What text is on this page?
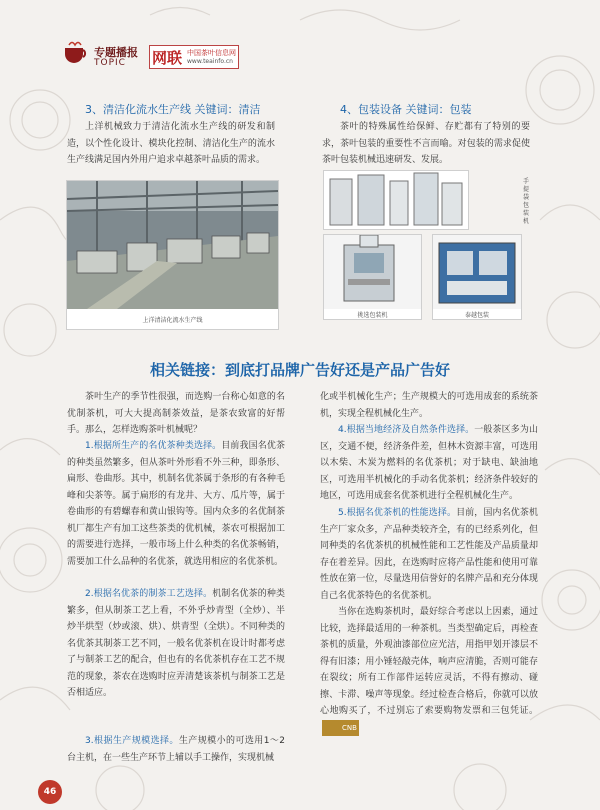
专题播报
TOPIC 网联 中国茶叶信息网
www.teainfo.cn
3、清洁化流水生产线 关键词：清洁

上洋机械致力于清洁化流水生产线的研发和制造，以个性化设计、模块化控制、清洁化生产的流水生产线满足国内外用户追求卓越茶叶品质的需求。

上洋清洁化流水生产线
4、包装设备 关键词：包装

茶叶的特殊属性给保鲜、存贮都有了特别的要求，茶叶包装的重要性不言而喻。对包装的需求促使茶叶包装机械迅速研发、发展。

手提袋包装机
挑选包装机	泰越包装
相关链接：到底打品牌广告好还是产品广告好

茶叶生产的季节性很强，而选购一台称心如意的名优制茶机，可大大提高制茶效益，是茶农致富的好帮手。那么，怎样选购茶叶机械呢？

1.根据所生产的名优茶种类选择。目前我国名优茶的种类虽然繁多，但从茶叶外形看不外三种，即条形、扁形、卷曲形。其中，机制名优茶属于条形的有各种毛峰和尖茶等。属于扁形的有龙井、大方、瓜片等，属于卷曲形的有碧螺春和黄山银钩等。国内众多的名优制茶机厂都生产有加工这些茶类的优机械，茶农可根据加工的需要进行选择，一般市场上什么种类的名优茶畅销，需要加工什么品种的名优茶，就选用相应的名优茶机。

2.根据名优茶的制茶工艺选择。机制名优茶的种类繁多，但从制茶工艺上看，不外乎炒青型（全炒）、半炒半烘型（炒或滚、烘）、烘青型（全烘）。不同种类的名优茶其制茶工艺不同，一般名优茶机在设计时都考虑了与制茶工艺的配合，但也有的名优茶机存在工艺不规范的现象，茶农在选购时应弄清楚该茶机与制茶工艺是否相适应。

3.根据生产规模选择。生产规模小的可选用1～2台主机，在一些生产环节上辅以手工操作，实现机械

化或半机械化生产；生产规模大的可选用成套的系统茶机，实现全程机械化生产。

4.根据当地经济及自然条件选择。一般茶区多为山区，交通不便，经济条件差，但林木资源丰富，可选用以木柴、木炭为燃料的名优茶机；对于缺电、缺油地区，可选用半机械化的手动名优茶机；经济条件较好的地区，可选用成套名优茶机进行全程机械化生产。

5.根据名优茶机的性能选择。目前，国内名优茶机生产厂家众多，产品种类较齐全，有的已经系列化，但同种类的名优茶机的机械性能和工艺性能及产品质量却存在着差异。因此，在选购时应将产品性能和使用可靠性放在第一位，尽量选用信誉好的名牌产品和充分体现自己名优茶特色的名优茶机。

当你在选购茶机时，最好综合考虑以上因素，通过比较，选择最适用的一种茶机。当类型确定后，再检查茶机的质量，外观油漆部位应光洁，用指甲划开漆层不得有旧漆；用小锤轻敲壳体，响声应清脆，否则可能存在裂纹；所有工作部件运转应灵活，不得有擦动、碰擦、卡滞、噪声等现象。经过检查合格后，你就可以放心地购买了，不过别忘了索要购物发票和三包凭证。CNB

46
